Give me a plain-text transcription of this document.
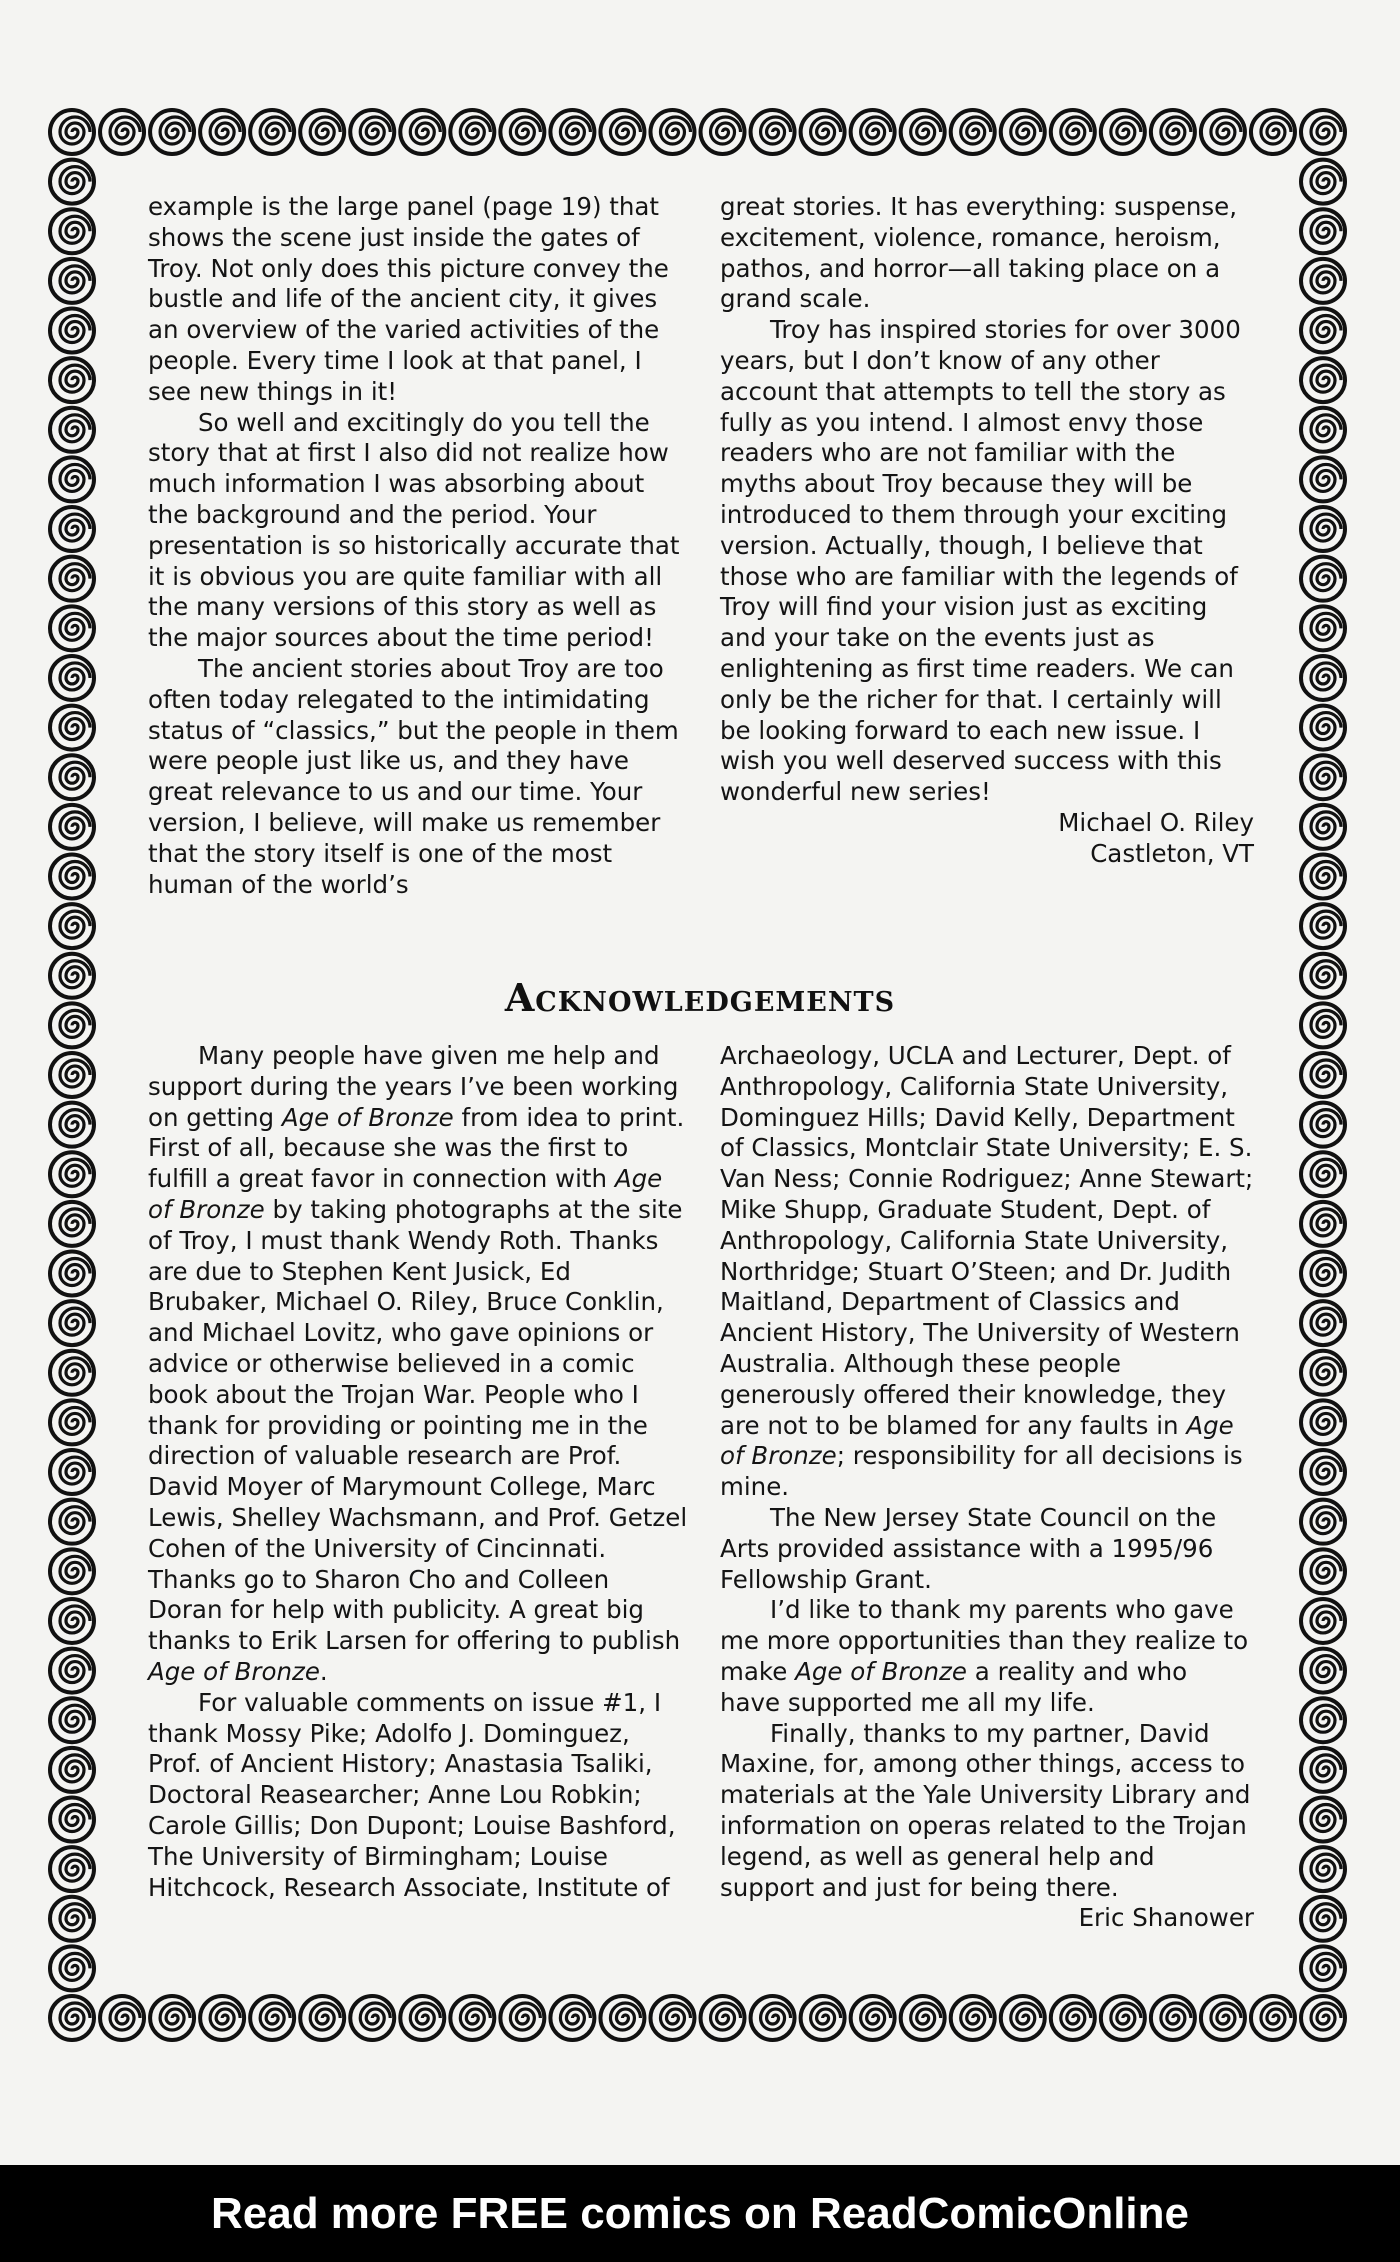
example is the large panel (page 19) that shows the scene just inside the gates of Troy. Not only does this picture convey the bustle and life of the ancient city, it gives an overview of the varied activities of the people. Every time I look at that panel, I see new things in it!

So well and excitingly do you tell the story that at first I also did not realize how much information I was absorbing about the background and the period. Your presentation is so historically accurate that it is obvious you are quite familiar with all the many versions of this story as well as the major sources about the time period!

The ancient stories about Troy are too often today relegated to the intimidating status of “classics,” but the people in them were people just like us, and they have great relevance to us and our time. Your version, I believe, will make us remember that the story itself is one of the most human of the world’s

great stories. It has everything: suspense, excitement, violence, romance, heroism, pathos, and horror—all taking place on a grand scale.

Troy has inspired stories for over 3000 years, but I don’t know of any other account that attempts to tell the story as fully as you intend. I almost envy those readers who are not familiar with the myths about Troy because they will be introduced to them through your exciting version. Actually, though, I believe that those who are familiar with the legends of Troy will find your vision just as exciting and your take on the events just as enlightening as first time readers. We can only be the richer for that. I certainly will be looking forward to each new issue. I wish you well deserved success with this wonderful new series!

Michael O. Riley

Castleton, VT

Acknowledgements

Many people have given me help and support during the years I’ve been working on getting Age of Bronze from idea to print. First of all, because she was the first to fulfill a great favor in connection with Age of Bronze by taking photographs at the site of Troy, I must thank Wendy Roth. Thanks are due to Stephen Kent Jusick, Ed Brubaker, Michael O. Riley, Bruce Conklin, and Michael Lovitz, who gave opinions or advice or otherwise believed in a comic book about the Trojan War. People who I thank for providing or pointing me in the direction of valuable research are Prof. David Moyer of Marymount College, Marc Lewis, Shelley Wachsmann, and Prof. Getzel Cohen of the University of Cincinnati. Thanks go to Sharon Cho and Colleen Doran for help with publicity. A great big thanks to Erik Larsen for offering to publish Age of Bronze.

For valuable comments on issue #1, I thank Mossy Pike; Adolfo J. Dominguez, Prof. of Ancient History; Anastasia Tsaliki, Doctoral Reasearcher; Anne Lou Robkin; Carole Gillis; Don Dupont; Louise Bashford, The University of Birmingham; Louise Hitchcock, Research Associate, Institute of

Archaeology, UCLA and Lecturer, Dept. of Anthropology, California State University, Dominguez Hills; David Kelly, Department of Classics, Montclair State University; E. S. Van Ness; Connie Rodriguez; Anne Stewart; Mike Shupp, Graduate Student, Dept. of Anthropology, California State University, Northridge; Stuart O’Steen; and Dr. Judith Maitland, Department of Classics and Ancient History, The University of Western Australia. Although these people generously offered their knowledge, they are not to be blamed for any faults in Age of Bronze; responsibility for all decisions is mine.

The New Jersey State Council on the Arts provided assistance with a 1995/96 Fellowship Grant.

I’d like to thank my parents who gave me more opportunities than they realize to make Age of Bronze a reality and who have supported me all my life.

Finally, thanks to my partner, David Maxine, for, among other things, access to materials at the Yale University Library and information on operas related to the Trojan legend, as well as general help and support and just for being there.

Eric Shanower

Read more FREE comics on ReadComicOnline
